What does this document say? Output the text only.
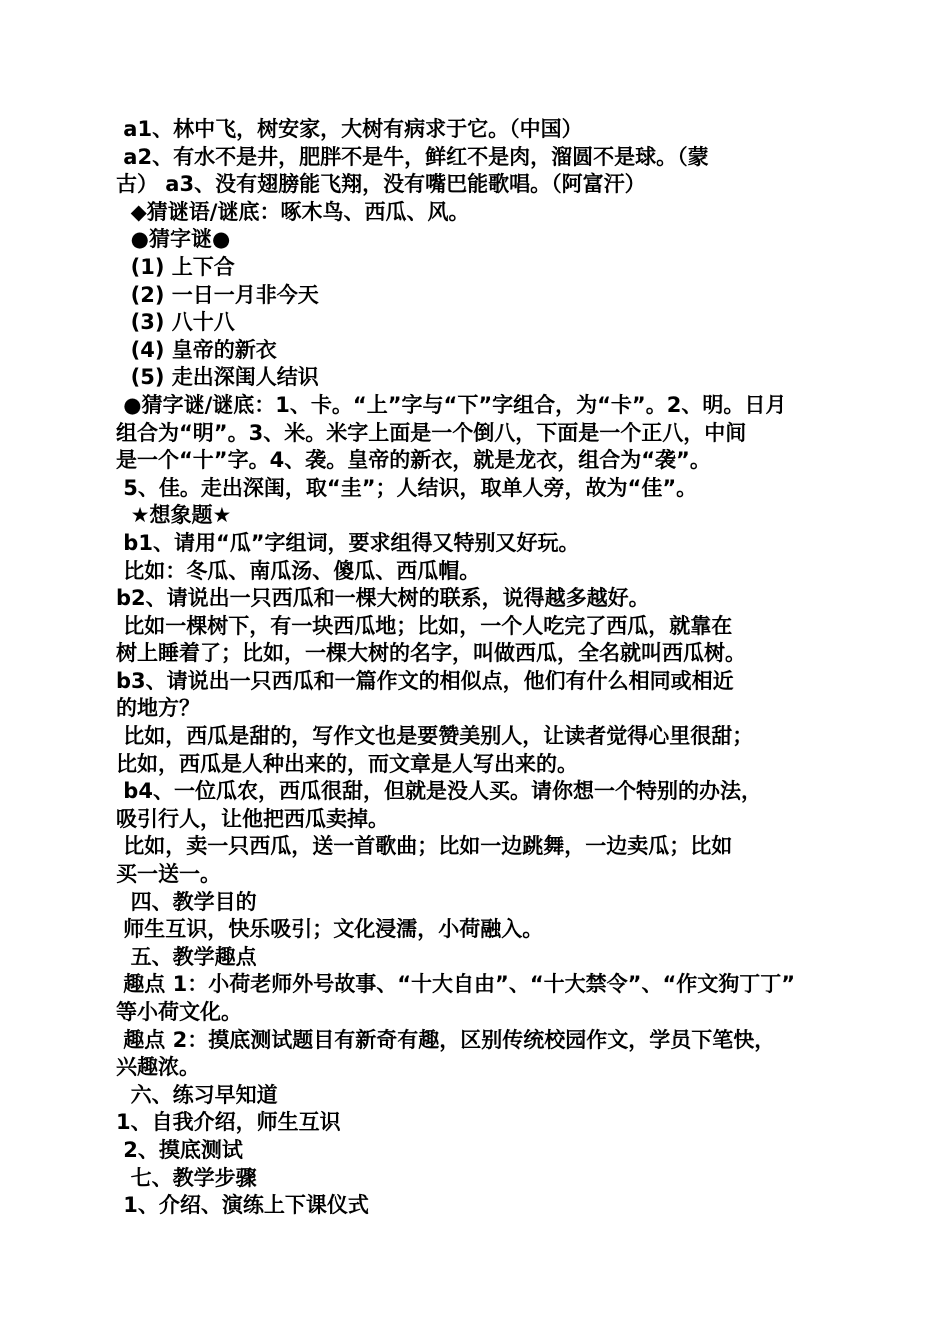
a1、林中飞，树安家，大树有病求于它。（中国）
a2、有水不是井，肥胖不是牛，鲜红不是肉，溜圆不是球。（蒙
古） a3、没有翅膀能飞翔，没有嘴巴能歌唱。（阿富汗）
◆猜谜语/谜底：啄木鸟、西瓜、风。
●猜字谜●
(1) 上下合
(2) 一日一月非今天
(3) 八十八
(4) 皇帝的新衣
(5) 走出深闺人结识
●猜字谜/谜底：1、卡。“上”字与“下”字组合，为“卡”。2、明。日月
组合为“明”。3、米。米字上面是一个倒八，下面是一个正八，中间
是一个“十”字。4、袭。皇帝的新衣，就是龙衣，组合为“袭”。
5、佳。走出深闺，取“圭”；人结识，取单人旁，故为“佳”。
★想象题★
b1、请用“瓜”字组词，要求组得又特别又好玩。
比如：冬瓜、南瓜汤、傻瓜、西瓜帽。
b2、请说出一只西瓜和一棵大树的联系，说得越多越好。
比如一棵树下，有一块西瓜地；比如，一个人吃完了西瓜，就靠在
树上睡着了；比如，一棵大树的名字，叫做西瓜，全名就叫西瓜树。
b3、请说出一只西瓜和一篇作文的相似点，他们有什么相同或相近
的地方？
比如，西瓜是甜的，写作文也是要赞美别人，让读者觉得心里很甜；
比如，西瓜是人种出来的，而文章是人写出来的。
b4、一位瓜农，西瓜很甜，但就是没人买。请你想一个特别的办法，
吸引行人，让他把西瓜卖掉。
比如，卖一只西瓜，送一首歌曲；比如一边跳舞，一边卖瓜；比如
买一送一。
四、教学目的
师生互识，快乐吸引；文化浸濡，小荷融入。
五、教学趣点
趣点 1：小荷老师外号故事、“十大自由”、“十大禁令”、“作文狗丁丁”
等小荷文化。
趣点 2：摸底测试题目有新奇有趣，区别传统校园作文，学员下笔快，
兴趣浓。
六、练习早知道
1、自我介绍，师生互识
2、摸底测试
七、教学步骤
1、介绍、演练上下课仪式
